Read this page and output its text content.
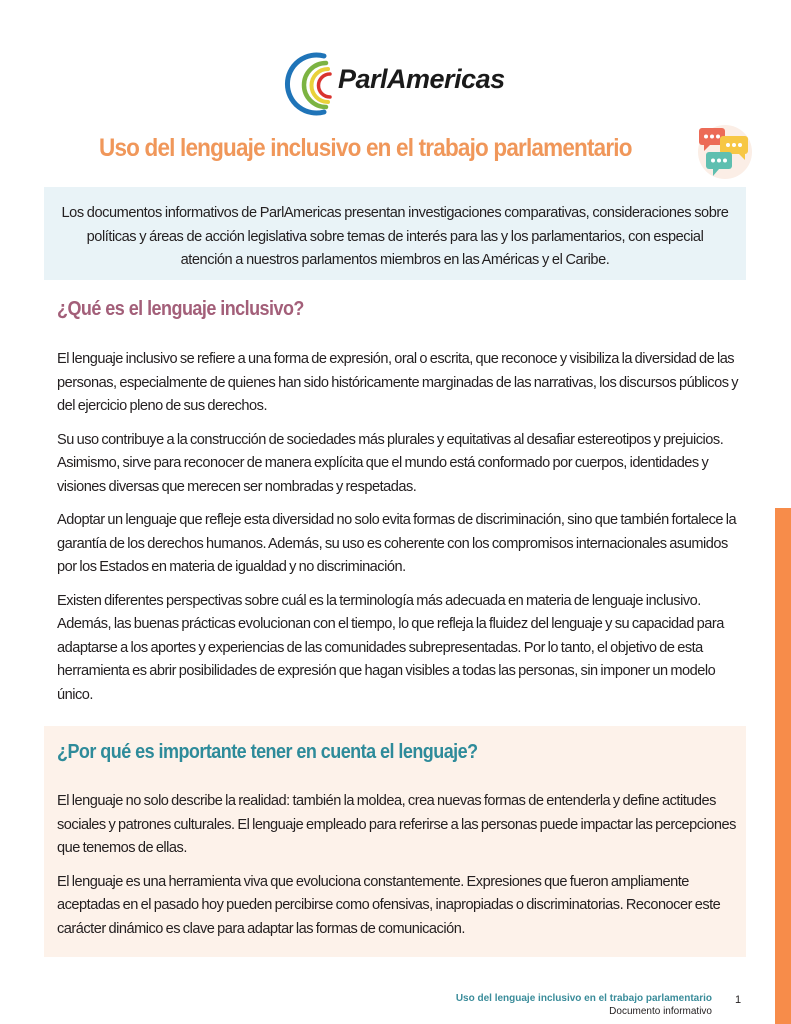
ParlAmericas
Uso del lenguaje inclusivo en el trabajo parlamentario

Los documentos informativos de ParlAmericas presentan investigaciones comparativas, consideraciones sobre políticas y áreas de acción legislativa sobre temas de interés para las y los parlamentarios, con especial atención a nuestros parlamentos miembros en las Américas y el Caribe.

¿Qué es el lenguaje inclusivo?

El lenguaje inclusivo se refiere a una forma de expresión, oral o escrita, que reconoce y visibiliza la diversidad de las personas, especialmente de quienes han sido históricamente marginadas de las narrativas, los discursos públicos y del ejercicio pleno de sus derechos.

Su uso contribuye a la construcción de sociedades más plurales y equitativas al desafiar estereotipos y prejuicios. Asimismo, sirve para reconocer de manera explícita que el mundo está conformado por cuerpos, identidades y visiones diversas que merecen ser nombradas y respetadas.

Adoptar un lenguaje que refleje esta diversidad no solo evita formas de discriminación, sino que también fortalece la garantía de los derechos humanos. Además, su uso es coherente con los compromisos internacionales asumidos por los Estados en materia de igualdad y no discriminación.

Existen diferentes perspectivas sobre cuál es la terminología más adecuada en materia de lenguaje inclusivo. Además, las buenas prácticas evolucionan con el tiempo, lo que refleja la fluidez del lenguaje y su capacidad para adaptarse a los aportes y experiencias de las comunidades subrepresentadas. Por lo tanto, el objetivo de esta herramienta es abrir posibilidades de expresión que hagan visibles a todas las personas, sin imponer un modelo único.

¿Por qué es importante tener en cuenta el lenguaje?

El lenguaje no solo describe la realidad: también la moldea, crea nuevas formas de entenderla y define actitudes sociales y patrones culturales. El lenguaje empleado para referirse a las personas puede impactar las percepciones que tenemos de ellas.

El lenguaje es una herramienta viva que evoluciona constantemente. Expresiones que fueron ampliamente aceptadas en el pasado hoy pueden percibirse como ofensivas, inapropiadas o discriminatorias. Reconocer este carácter dinámico es clave para adaptar las formas de comunicación.

Uso del lenguaje inclusivo en el trabajo parlamentario
Documento informativo
1
